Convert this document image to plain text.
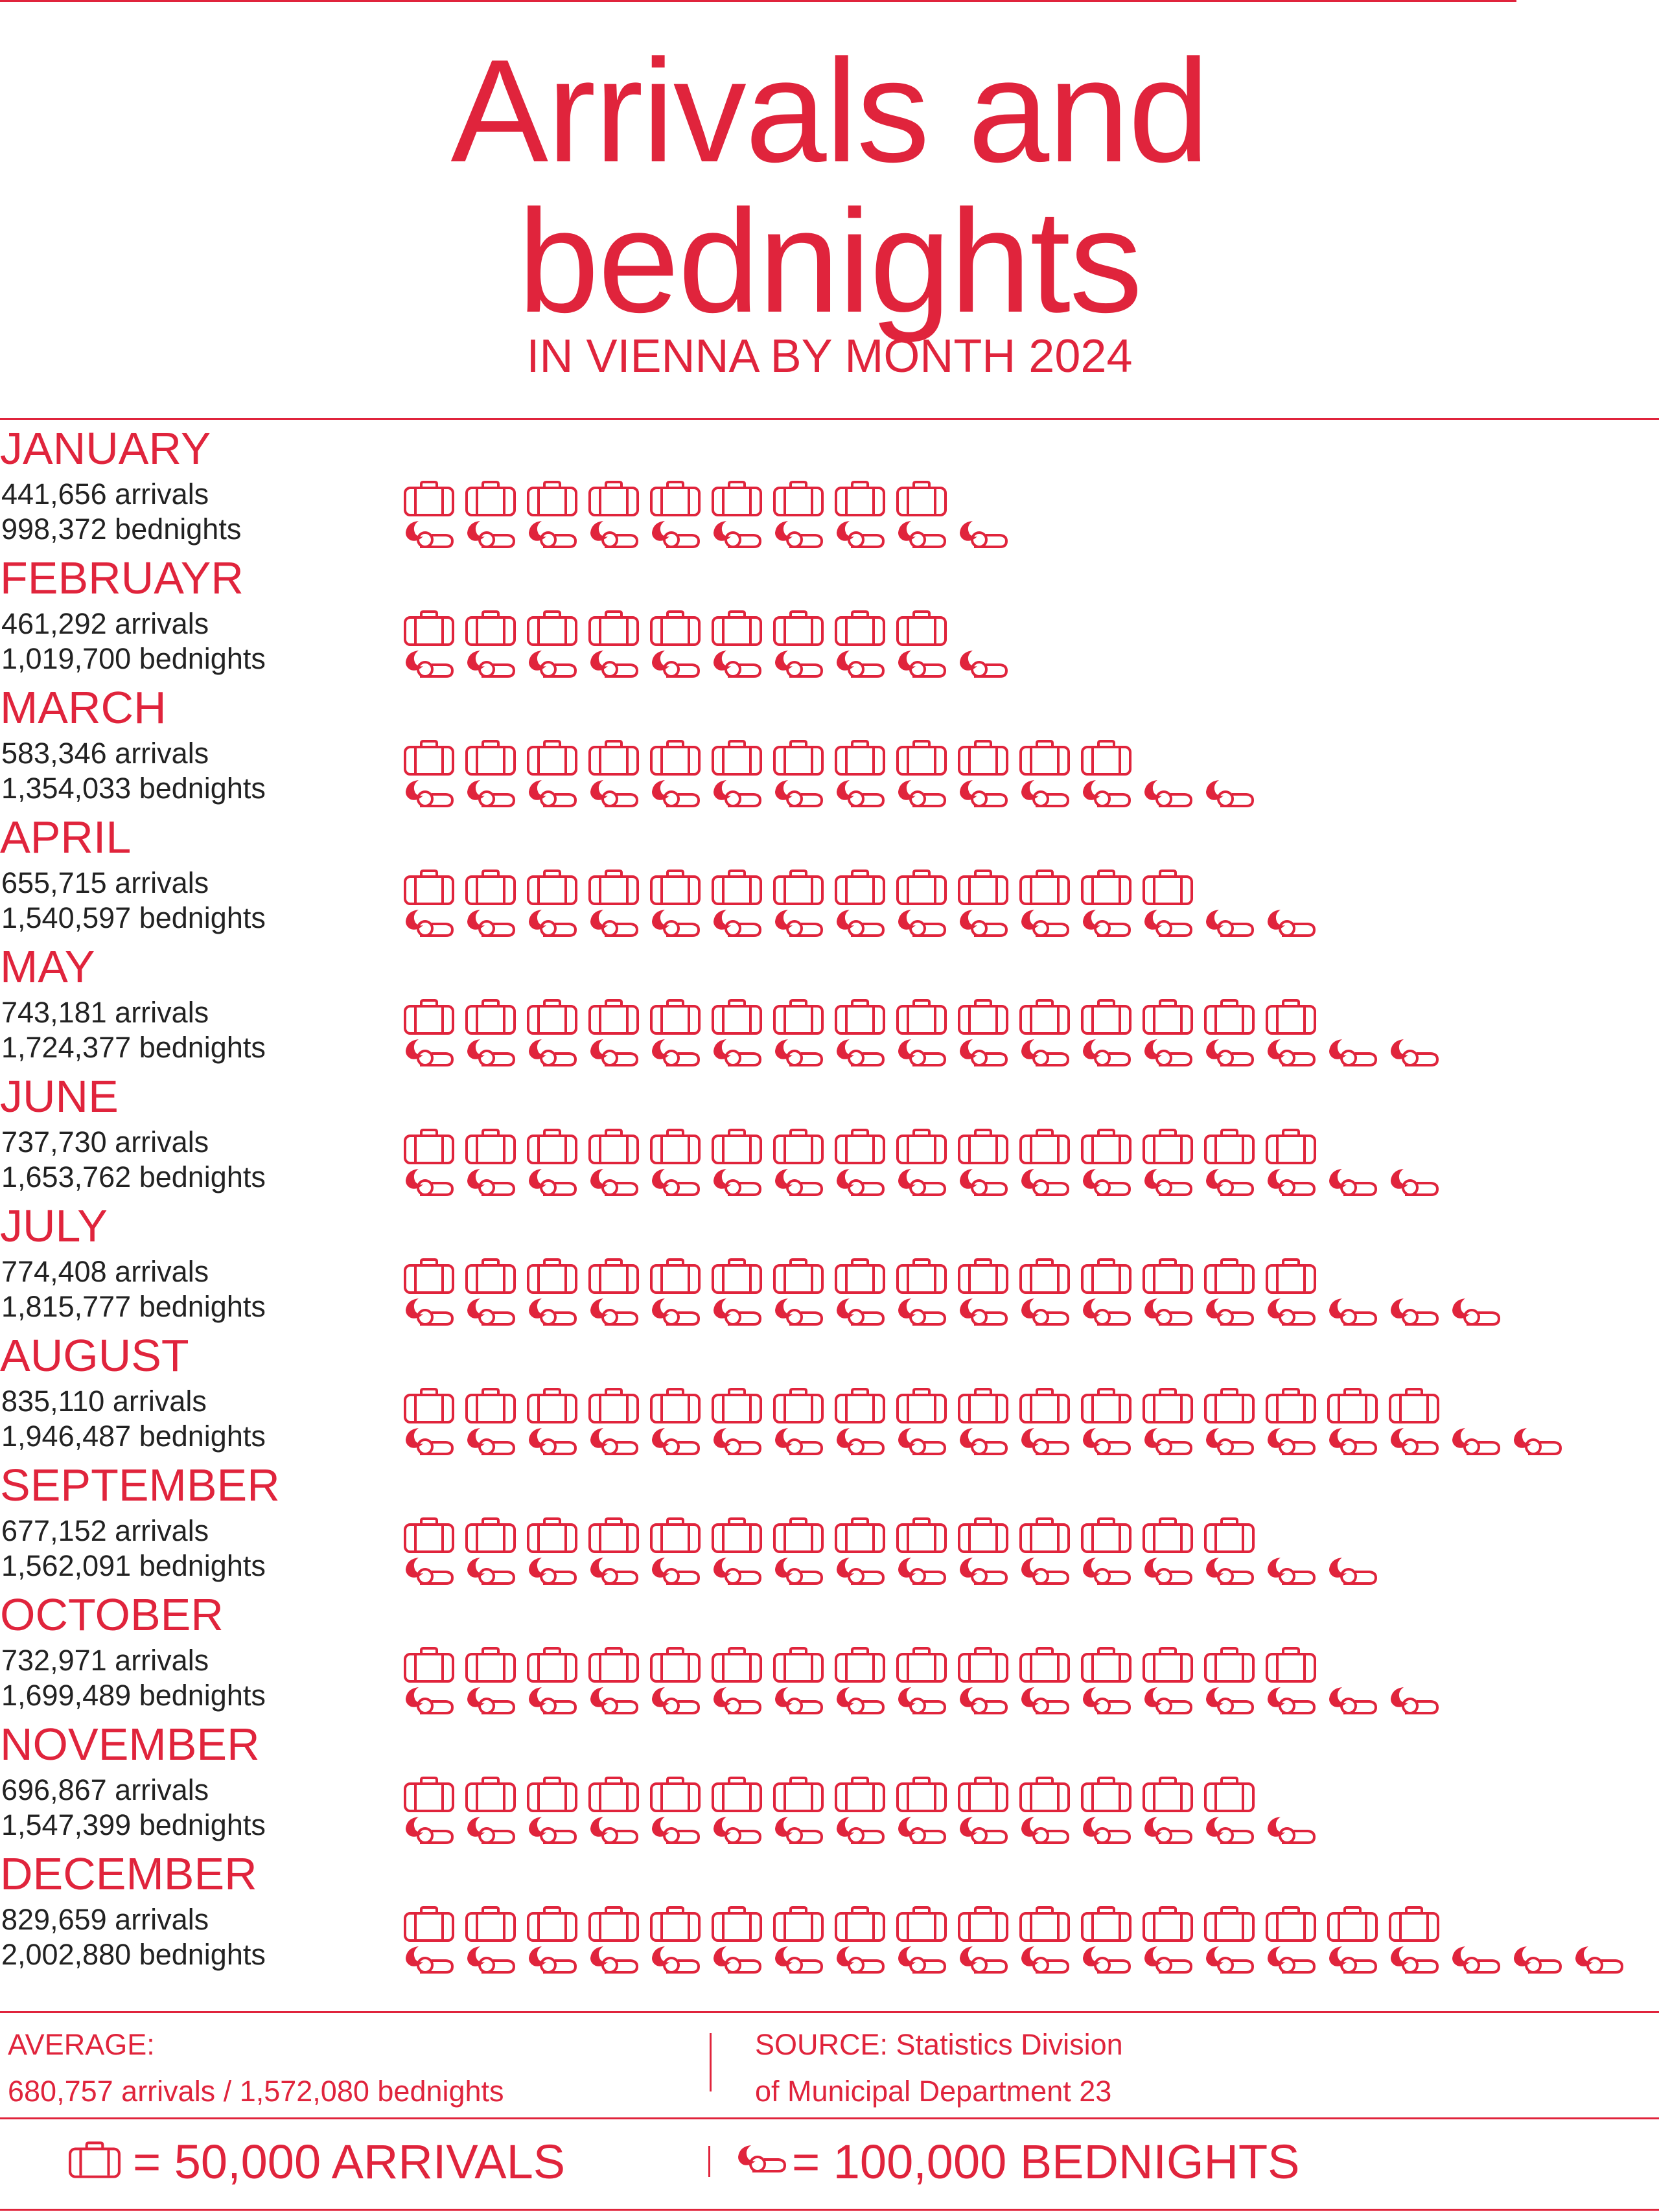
Arrivals and
bednights
IN VIENNA BY MONTH 2024
JANUARY
441,656 arrivals
998,372 bednights
FEBRUAYR
461,292 arrivals
1,019,700 bednights
MARCH
583,346 arrivals
1,354,033 bednights
APRIL
655,715 arrivals
1,540,597 bednights
MAY
743,181 arrivals
1,724,377 bednights
JUNE
737,730 arrivals
1,653,762 bednights
JULY
774,408 arrivals
1,815,777 bednights
AUGUST
835,110 arrivals
1,946,487 bednights
SEPTEMBER
677,152 arrivals
1,562,091 bednights
OCTOBER
732,971 arrivals
1,699,489 bednights
NOVEMBER
696,867 arrivals
1,547,399 bednights
DECEMBER
829,659 arrivals
2,002,880 bednights
AVERAGE:
680,757 arrivals / 1,572,080 bednights
SOURCE: Statistics Division
of Municipal Department 23
= 50,000 ARRIVALS	= 100,000 BEDNIGHTS
